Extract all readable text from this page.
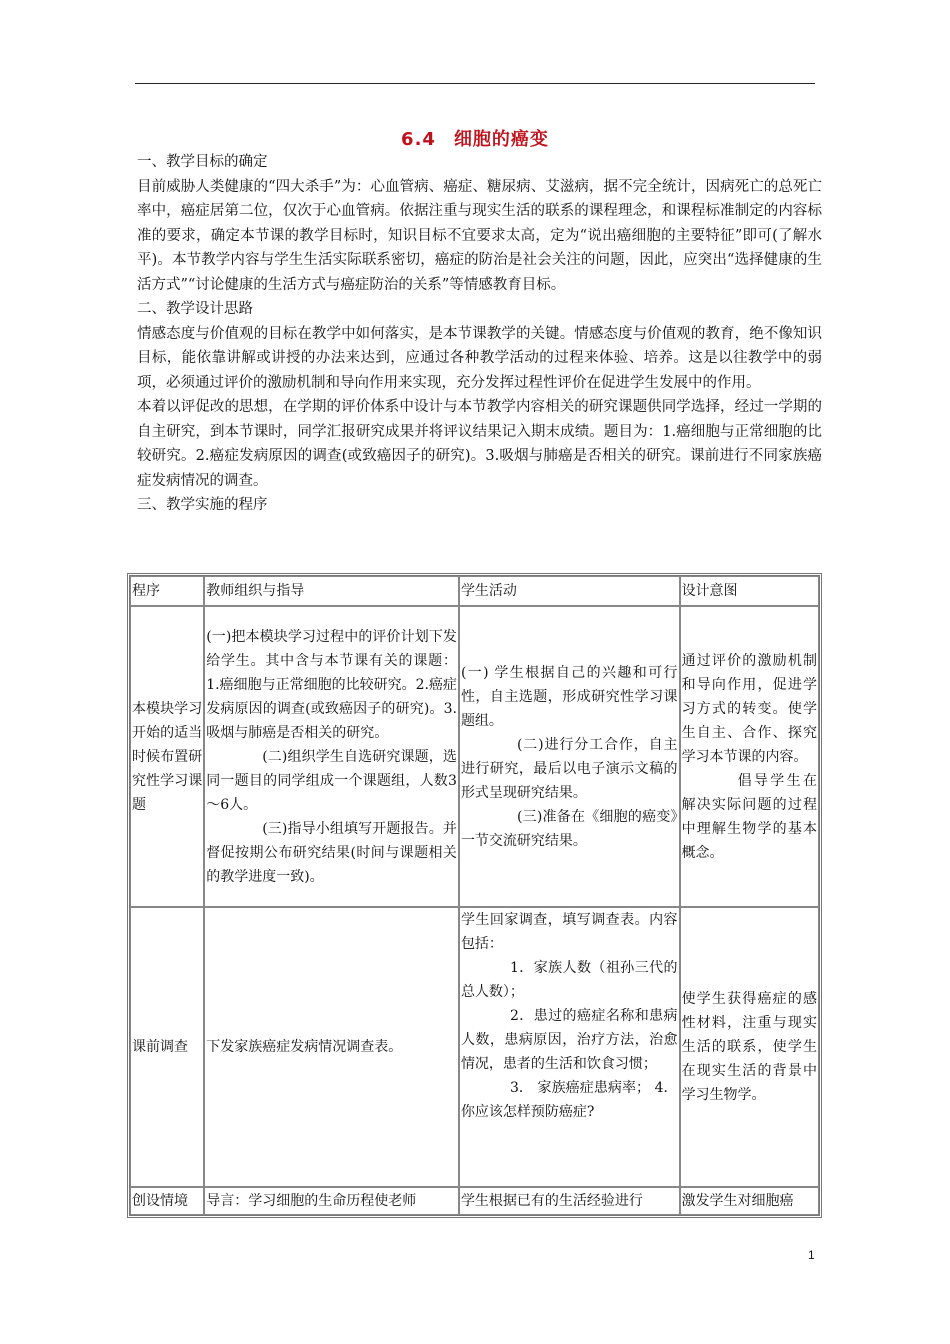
6.4 细胞的癌变

一、教学目标的确定

目前威胁人类健康的“四大杀手”为：心血管病、癌症、糖尿病、艾滋病，据不完全统计，因病死亡的总死亡率中，癌症居第二位，仅次于心血管病。依据注重与现实生活的联系的课程理念，和课程标准制定的内容标准的要求，确定本节课的教学目标时，知识目标不宜要求太高，定为“说出癌细胞的主要特征”即可(了解水平)。本节教学内容与学生生活实际联系密切，癌症的防治是社会关注的问题，因此，应突出“选择健康的生活方式”“讨论健康的生活方式与癌症防治的关系”等情感教育目标。

二、教学设计思路

情感态度与价值观的目标在教学中如何落实，是本节课教学的关键。情感态度与价值观的教育，绝不像知识目标，能依靠讲解或讲授的办法来达到，应通过各种教学活动的过程来体验、培养。这是以往教学中的弱项，必须通过评价的激励机制和导向作用来实现，充分发挥过程性评价在促进学生发展中的作用。

本着以评促改的思想，在学期的评价体系中设计与本节教学内容相关的研究课题供同学选择，经过一学期的自主研究，到本节课时，同学汇报研究成果并将评议结果记入期末成绩。题目为：1.癌细胞与正常细胞的比较研究。2.癌症发病原因的调查(或致癌因子的研究)。3.吸烟与肺癌是否相关的研究。课前进行不同家族癌症发病情况的调查。

三、教学实施的程序

程序	教师组织与指导	学生活动	设计意图
本模块学习开始的适当时候布置研究性学习课题	(一)把本模块学习过程中的评价计划下发给学生。其中含与本节课有关的课题：1.癌细胞与正常细胞的比较研究。2.癌症发病原因的调查(或致癌因子的研究)。3.吸烟与肺癌是否相关的研究。
(二)组织学生自选研究课题，选同一题目的同学组成一个课题组，人数3～6人。
(三)指导小组填写开题报告。并督促按期公布研究结果(时间与课题相关的教学进度一致)。	(一) 学生根据自己的兴趣和可行性，自主选题，形成研究性学习课题组。
(二)进行分工合作，自主进行研究，最后以电子演示文稿的形式呈现研究结果。
(三)准备在《细胞的癌变》一节交流研究结果。	通过评价的激励机制和导向作用，促进学习方式的转变。使学生自主、合作、探究学习本节课的内容。
倡导学生在解决实际问题的过程中理解生物学的基本概念。

课前调查	下发家族癌症发病情况调查表。	学生回家调查，填写调查表。内容包括：
1．家族人数（祖孙三代的总人数）；
2．患过的癌症名称和患病人数，患病原因，治疗方法，治愈情况，患者的生活和饮食习惯；
3． 家族癌症患病率； 4．你应该怎样预防癌症?	使学生获得癌症的感性材料，注重与现实生活的联系，使学生在现实生活的背景中学习生物学。
创设情境	导言：学习细胞的生命历程使老师	学生根据已有的生活经验进行	激发学生对细胞癌
1
